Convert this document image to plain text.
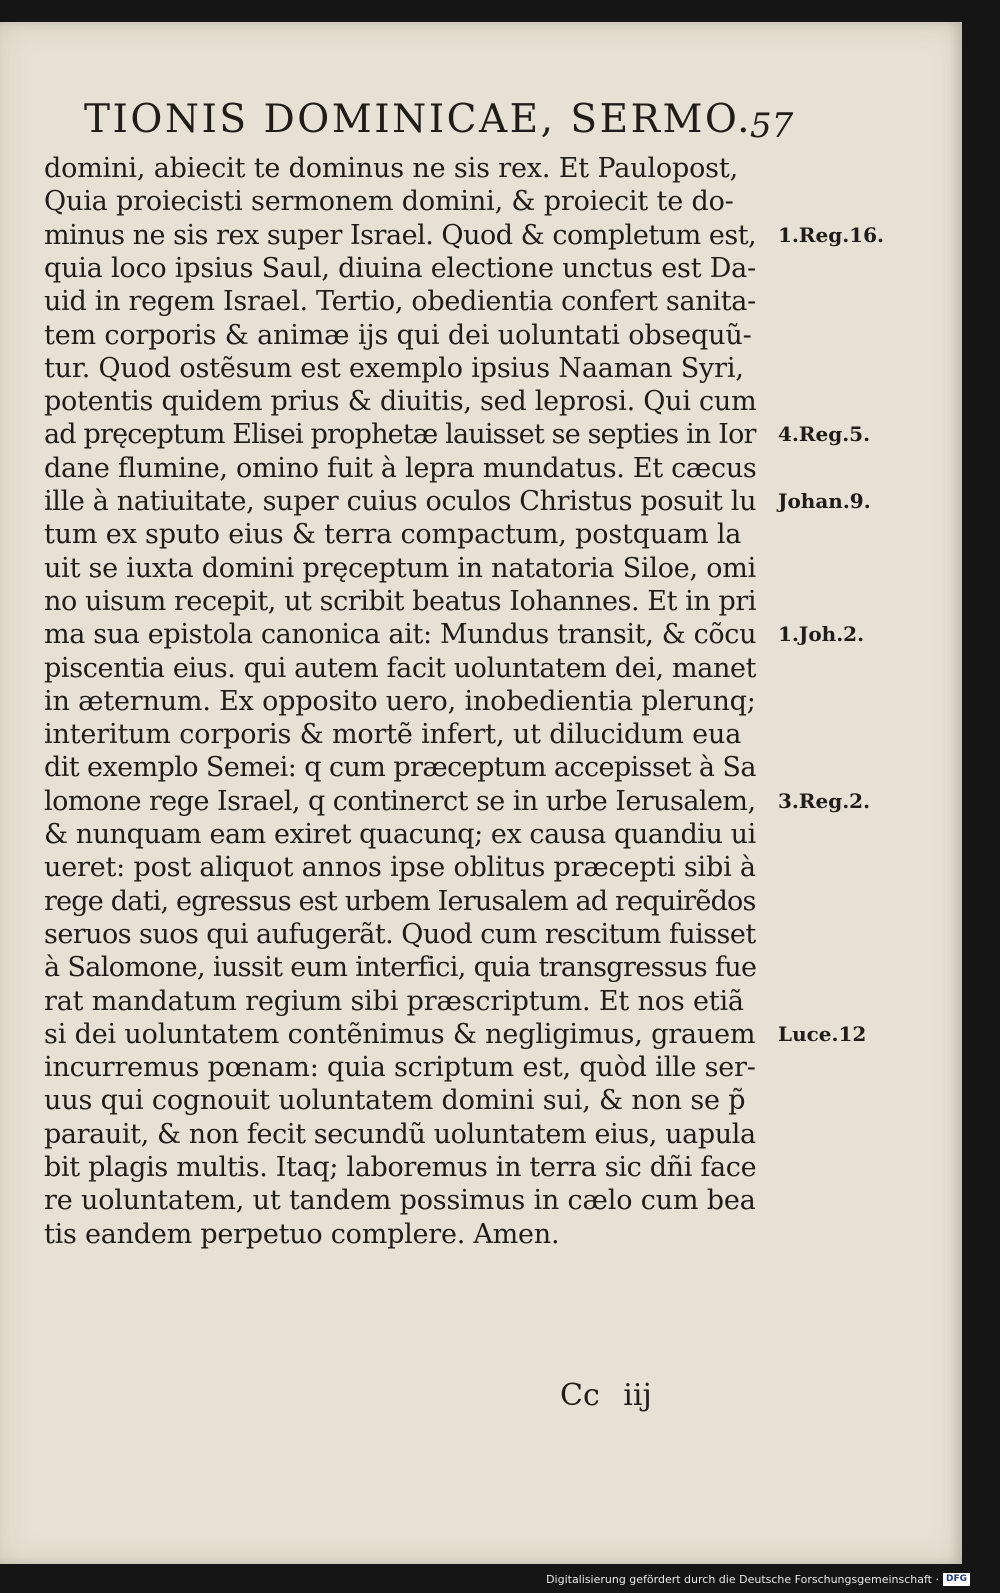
TIONIS DOMINICAE, SERMO.
57
domini, abiecit te dominus ne sis rex. Et Paulopost,
Quia proiecisti sermonem domini, & proiecit te do-
minus ne sis rex super Israel. Quod & completum est,
quia loco ipsius Saul, diuina electione unctus est Da-
uid in regem Israel. Tertio, obedientia confert sanita-
tem corporis & animæ ijs qui dei uoluntati obsequũ-
tur. Quod ostẽsum est exemplo ipsius Naaman Syri,
potentis quidem prius & diuitis, sed leprosi. Qui cum
ad pręceptum Elisei prophetæ lauisset se septies in Ior
dane flumine, omino fuit à lepra mundatus. Et cæcus
ille à natiuitate, super cuius oculos Christus posuit lu
tum ex sputo eius & terra compactum, postquam la
uit se iuxta domini pręceptum in natatoria Siloe, omi
no uisum recepit, ut scribit beatus Iohannes. Et in pri
ma sua epistola canonica ait: Mundus transit, & cõcu
piscentia eius. qui autem facit uoluntatem dei, manet
in æternum. Ex opposito uero, inobedientia plerunq;
interitum corporis & mortẽ infert, ut dilucidum eua
dit exemplo Semei: q cum præceptum accepisset à Sa
lomone rege Israel, q continerct se in urbe Ierusalem,
& nunquam eam exiret quacunq; ex causa quandiu ui
ueret: post aliquot annos ipse oblitus præcepti sibi à
rege dati, egressus est urbem Ierusalem ad requirẽdos
seruos suos qui aufugerãt. Quod cum rescitum fuisset
à Salomone, iussit eum interfici, quia transgressus fue
rat mandatum regium sibi præscriptum. Et nos etiã
si dei uoluntatem contẽnimus & negligimus, grauem
incurremus pœnam: quia scriptum est, quòd ille ser-
uus qui cognouit uoluntatem domini sui, & non se p̃
parauit, & non fecit secundũ uoluntatem eius, uapula
bit plagis multis. Itaq; laboremus in terra sic dñi face
re uoluntatem, ut tandem possimus in cælo cum bea
tis eandem perpetuo complere. Amen.
1.Reg.16.
4.Reg.5.
Johan.9.
1.Joh.2.
3.Reg.2.
Luce.12
Cc iij
Digitalisierung gefördert durch die Deutsche Forschungsgemeinschaft · DFG
